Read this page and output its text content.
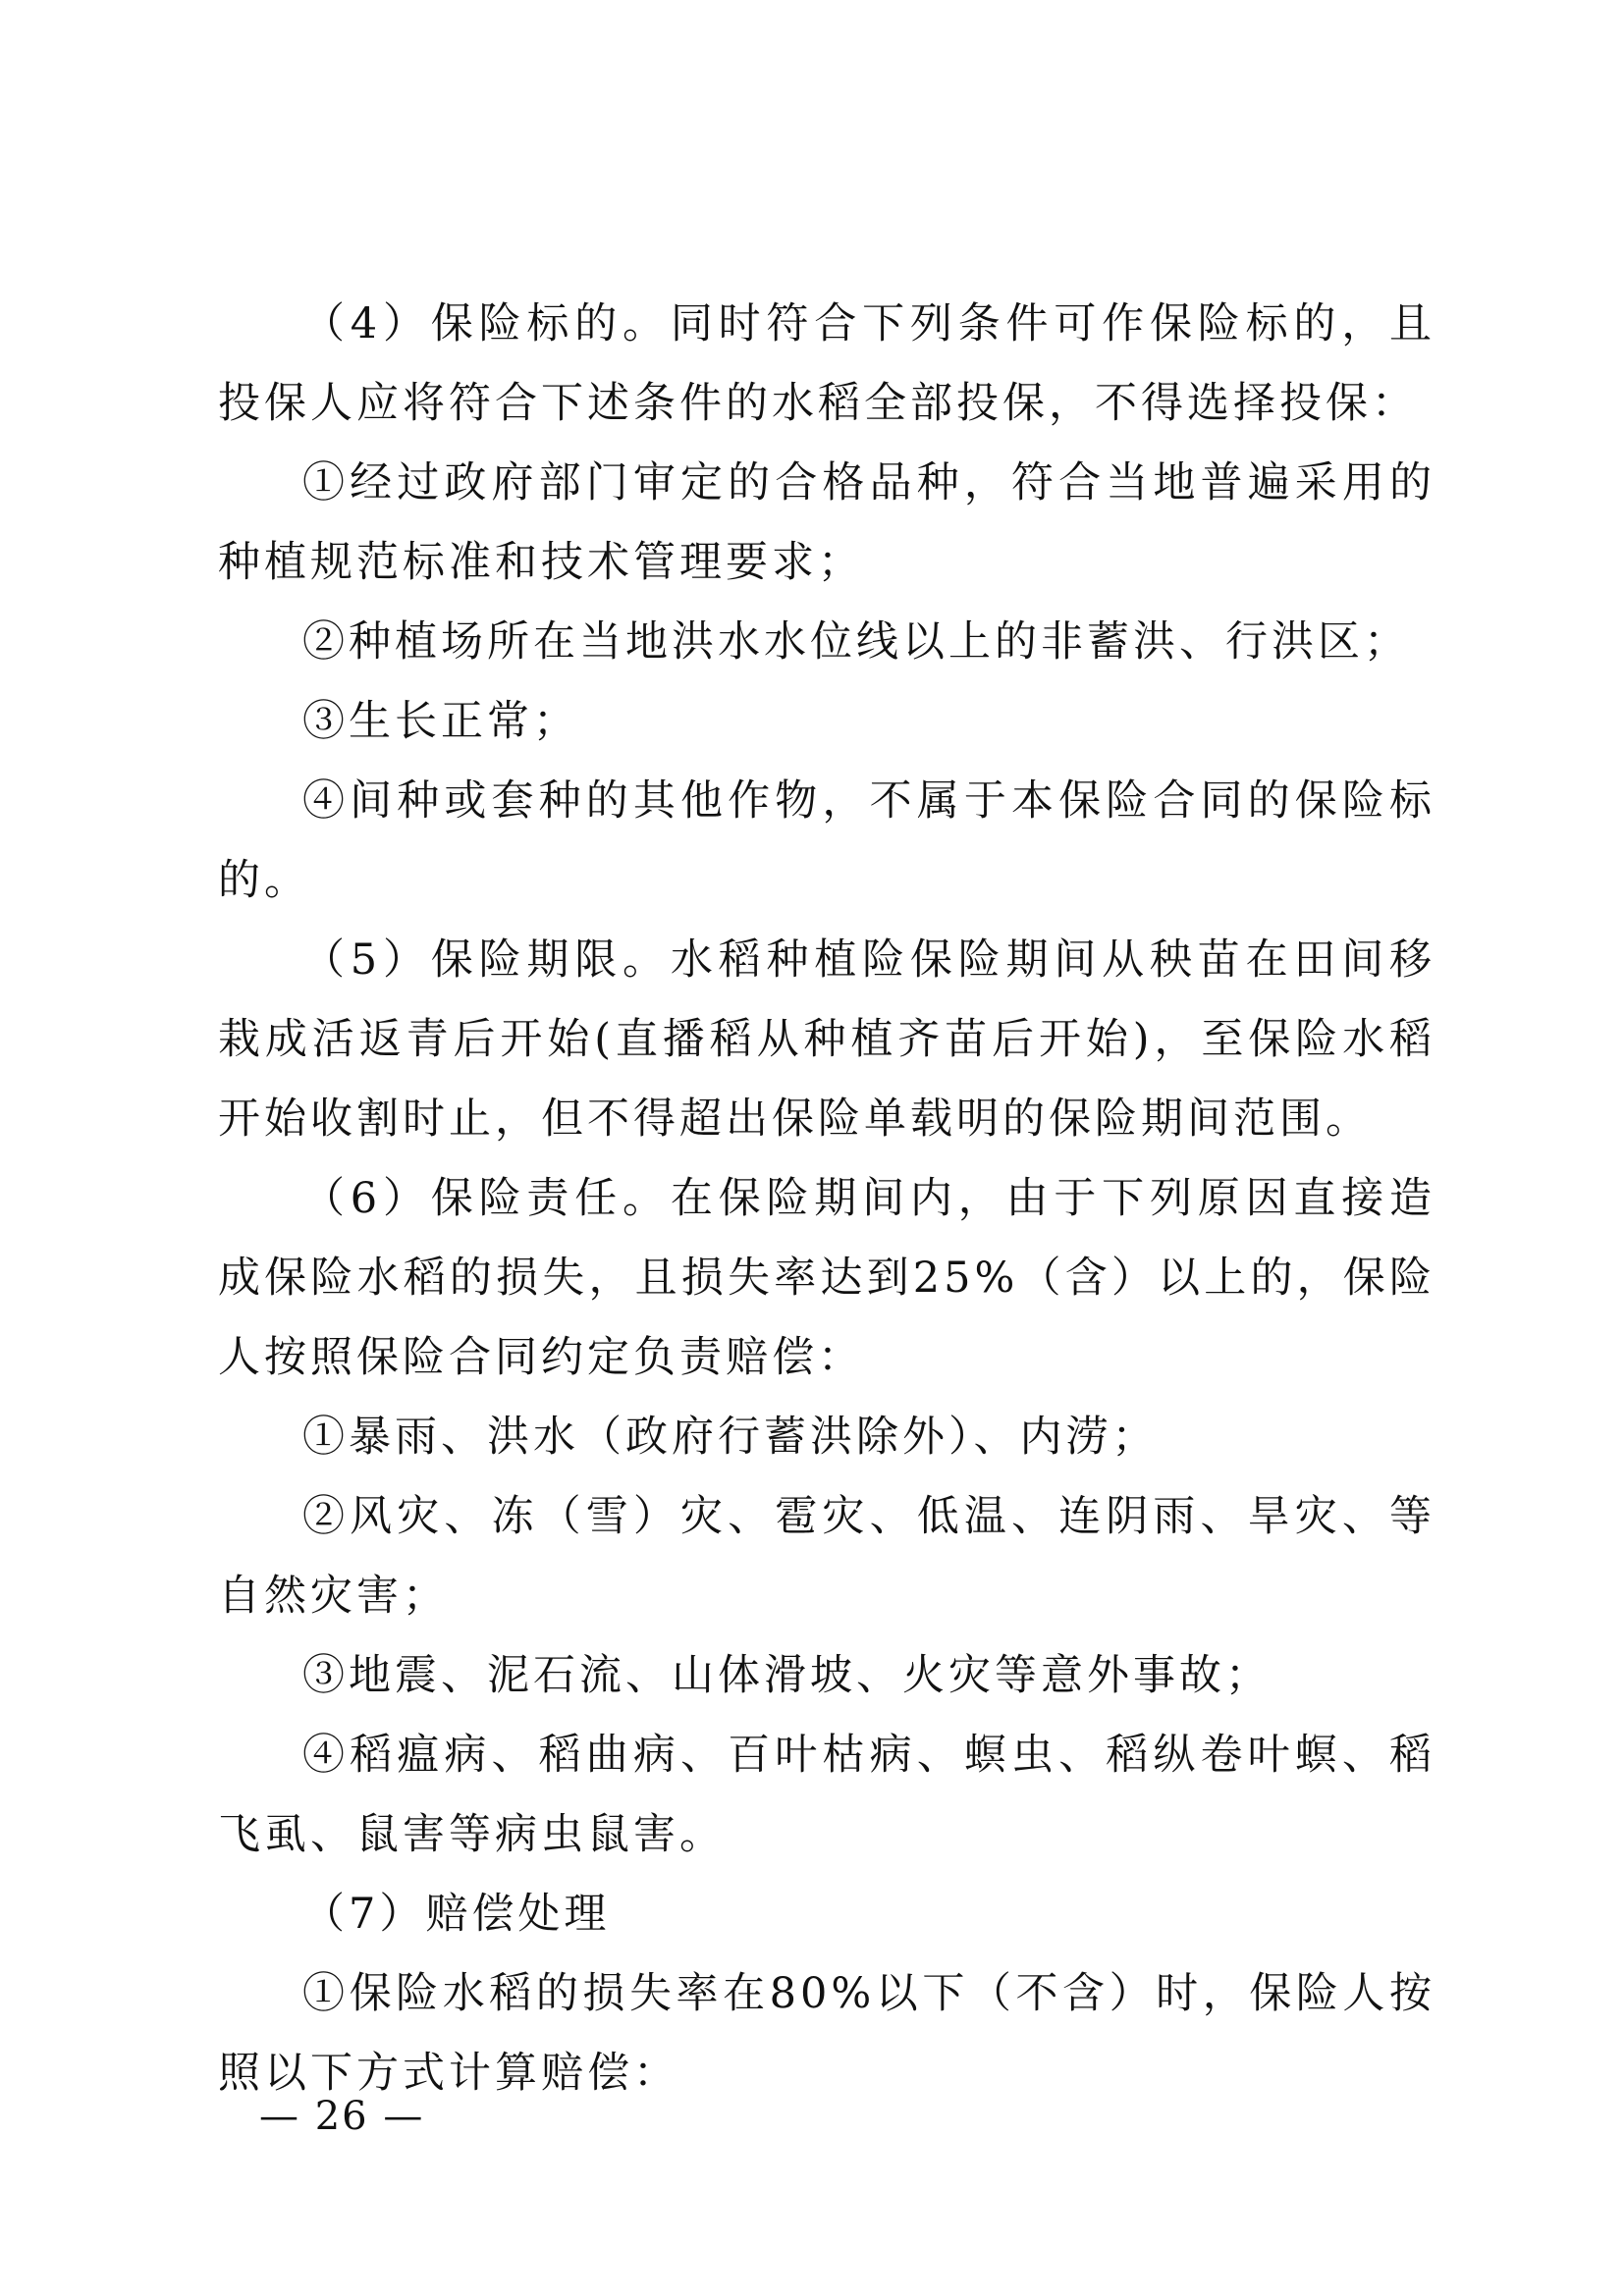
（4）保险标的。同时符合下列条件可作保险标的，且投保人应将符合下述条件的水稻全部投保，不得选择投保：

①经过政府部门审定的合格品种，符合当地普遍采用的种植规范标准和技术管理要求；

②种植场所在当地洪水水位线以上的非蓄洪、行洪区；

③生长正常；

④间种或套种的其他作物，不属于本保险合同的保险标的。

（5）保险期限。水稻种植险保险期间从秧苗在田间移栽成活返青后开始(直播稻从种植齐苗后开始)，至保险水稻开始收割时止，但不得超出保险单载明的保险期间范围。

（6）保险责任。在保险期间内，由于下列原因直接造成保险水稻的损失，且损失率达到25%（含）以上的，保险人按照保险合同约定负责赔偿：

①暴雨、洪水（政府行蓄洪除外）、内涝；

②风灾、冻（雪）灾、雹灾、低温、连阴雨、旱灾、等自然灾害；

③地震、泥石流、山体滑坡、火灾等意外事故；

④稻瘟病、稻曲病、百叶枯病、螟虫、稻纵卷叶螟、稻飞虱、鼠害等病虫鼠害。

（7）赔偿处理

①保险水稻的损失率在80%以下（不含）时，保险人按照以下方式计算赔偿：

— 26 —
